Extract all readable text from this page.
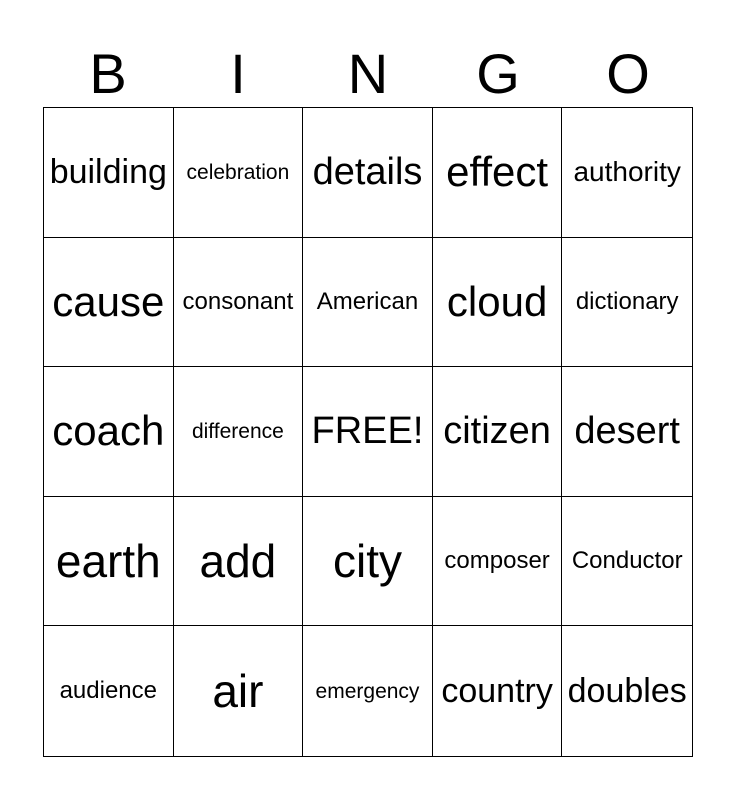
B	I	N	G	O
building celebration details effect authority
cause consonant American cloud dictionary
coach difference FREE! citizen desert
earth add city composer Conductor
audience air emergency country doubles
